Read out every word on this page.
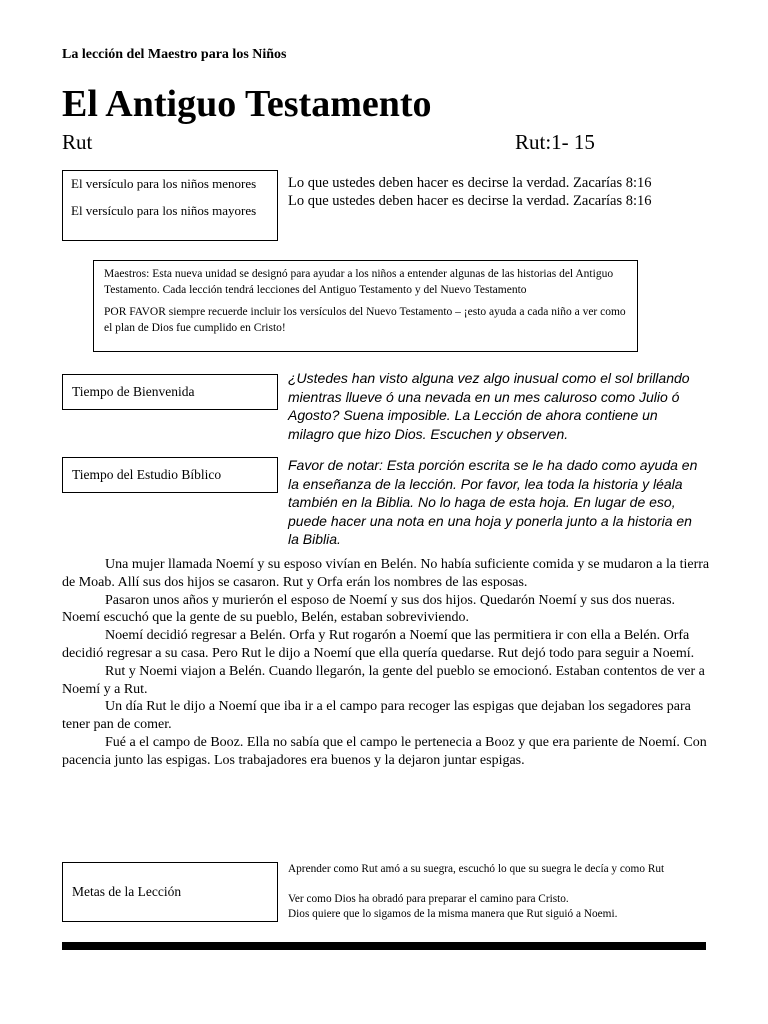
La lección del Maestro para los Niños
El Antiguo Testamento
Rut	Rut:1- 15

El versículo para los niños menores

El versículo para los niños mayores

Lo que ustedes deben hacer es decirse la verdad. Zacarías 8:16
Lo que ustedes deben hacer es decirse la verdad. Zacarías 8:16

Maestros: Esta nueva unidad se designó para ayudar a los niños a entender algunas de las historias del Antiguo Testamento. Cada lección tendrá lecciones del Antiguo Testamento y del Nuevo Testamento

POR FAVOR siempre recuerde incluir los versículos del Nuevo Testamento – ¡esto ayuda a cada niño a ver como el plan de Dios fue cumplido en Cristo!

Tiempo de Bienvenida
¿Ustedes han visto alguna vez algo inusual como el sol brillando mientras llueve ó una nevada en un mes caluroso como Julio ó Agosto? Suena imposible. La Lección de ahora contiene un milagro que hizo Dios. Escuchen y observen.
Tiempo del Estudio Bíblico
Favor de notar: Esta porción escrita se le ha dado como ayuda en la enseñanza de la lección. Por favor, lea toda la historia y léala también en la Biblia. No lo haga de esta hoja. En lugar de eso, puede hacer una nota en una hoja y ponerla junto a la historia en la Biblia.

Una mujer llamada Noemí y su esposo vivían en Belén. No había suficiente comida y se mudaron a la tierra de Moab. Allí sus dos hijos se casaron. Rut y Orfa erán los nombres de las esposas.

Pasaron unos años y murierón el esposo de Noemí y sus dos hijos. Quedarón Noemí y sus dos nueras. Noemí escuchó que la gente de su pueblo, Belén, estaban sobreviviendo.

Noemí decidió regresar a Belén. Orfa y Rut rogarón a Noemí que las permitiera ir con ella a Belén. Orfa decidió regresar a su casa. Pero Rut le dijo a Noemí que ella quería quedarse. Rut dejó todo para seguir a Noemí.

Rut y Noemi viajon a Belén. Cuando llegarón, la gente del pueblo se emocionó. Estaban contentos de ver a Noemí y a Rut.

Un día Rut le dijo a Noemí que iba ir a el campo para recoger las espigas que dejaban los segadores para tener pan de comer.

Fué a el campo de Booz. Ella no sabía que el campo le pertenecia a Booz y que era pariente de Noemí. Con pacencia junto las espigas. Los trabajadores era buenos y la dejaron juntar espigas.

Metas de la Lección

Aprender como Rut amó a su suegra, escuchó lo que su suegra le decía y como Rut

Ver como Dios ha obradó para preparar el camino para Cristo.

Dios quiere que lo sigamos de la misma manera que Rut siguió a Noemi.
